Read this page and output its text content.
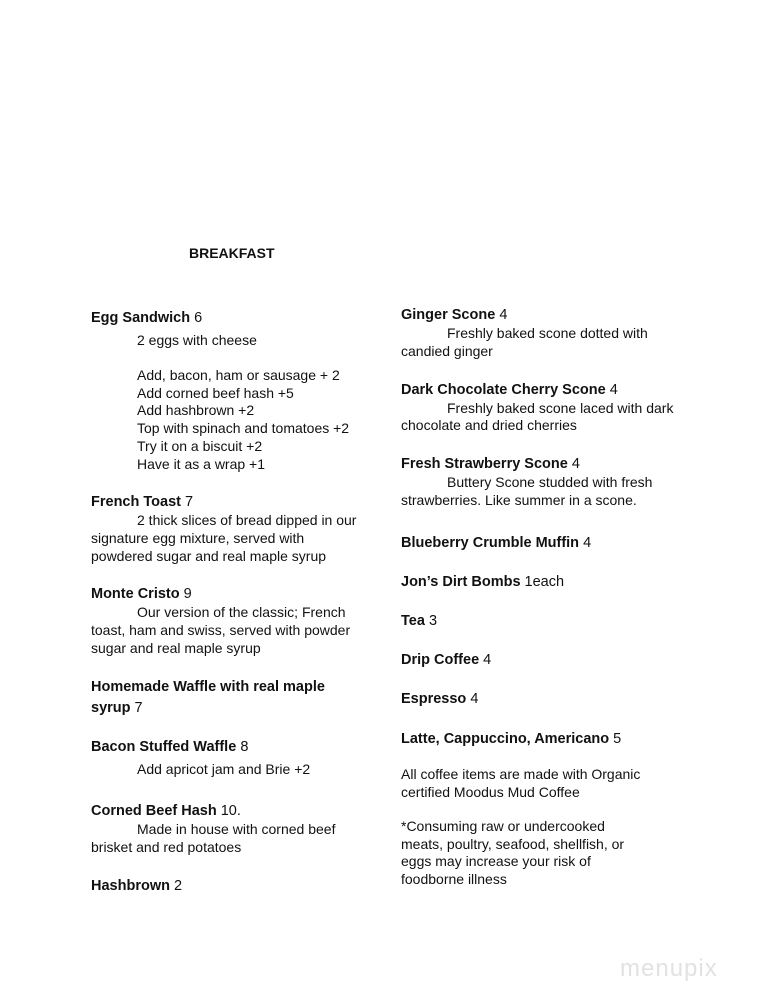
BREAKFAST
Egg Sandwich 6
2 eggs with cheese
Add, bacon, ham or sausage + 2
Add corned beef hash +5
Add hashbrown +2
Top with spinach and tomatoes +2
Try it on a biscuit +2
Have it as a wrap +1
French Toast 7
2 thick slices of bread dipped in our
signature egg mixture, served with
powdered sugar and real maple syrup
Monte Cristo 9
Our version of the classic; French
toast, ham and swiss, served with powder
sugar and real maple syrup
Homemade Waffle with real maple
syrup 7
Bacon Stuffed Waffle 8
Add apricot jam and Brie +2
Corned Beef Hash 10.
Made in house with corned beef
brisket and red potatoes
Hashbrown 2
Ginger Scone 4
Freshly baked scone dotted with
candied ginger
Dark Chocolate Cherry Scone 4
Freshly baked scone laced with dark
chocolate and dried cherries
Fresh Strawberry Scone 4
Buttery Scone studded with fresh
strawberries. Like summer in a scone.
Blueberry Crumble Muffin 4
Jon’s Dirt Bombs 1each
Tea 3
Drip Coffee 4
Espresso 4
Latte, Cappuccino, Americano 5
All coffee items are made with Organic
certified Moodus Mud Coffee
*Consuming raw or undercooked
meats, poultry, seafood, shellfish, or
eggs may increase your risk of
foodborne illness
menupix
